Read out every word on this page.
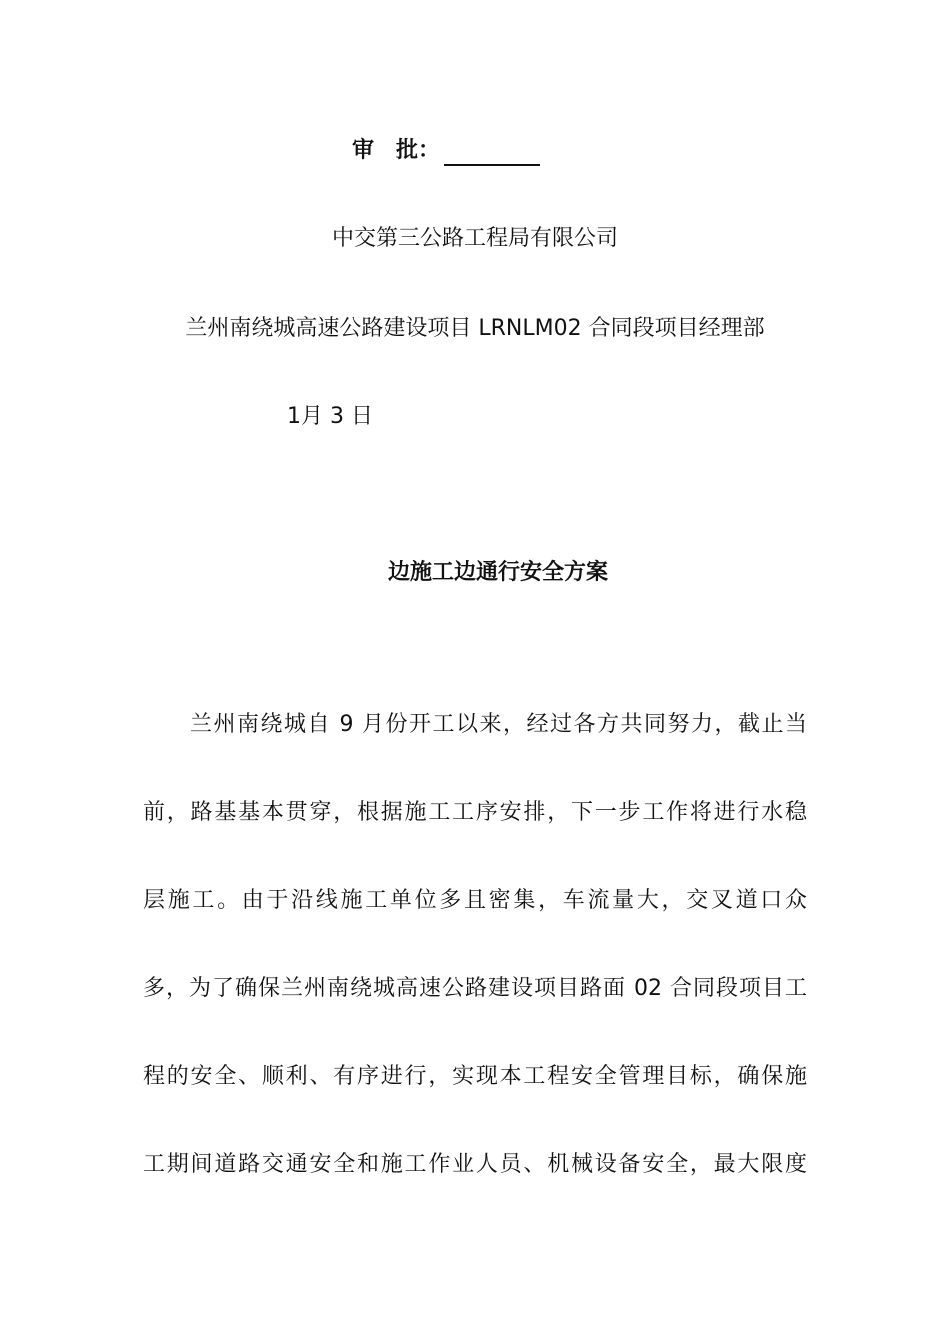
审　批：
中交第三公路工程局有限公司
兰州南绕城高速公路建设项目 LRNLM02 合同段项目经理部
1月 3 日
边施工边通行安全方案
兰州南绕城自 9 月份开工以来，经过各方共同努力，截止当
前，路基基本贯穿，根据施工工序安排，下一步工作将进行水稳
层施工。由于沿线施工单位多且密集，车流量大，交叉道口众
多，为了确保兰州南绕城高速公路建设项目路面 02 合同段项目工
程的安全、顺利、有序进行，实现本工程安全管理目标，确保施
工期间道路交通安全和施工作业人员、机械设备安全，最大限度
